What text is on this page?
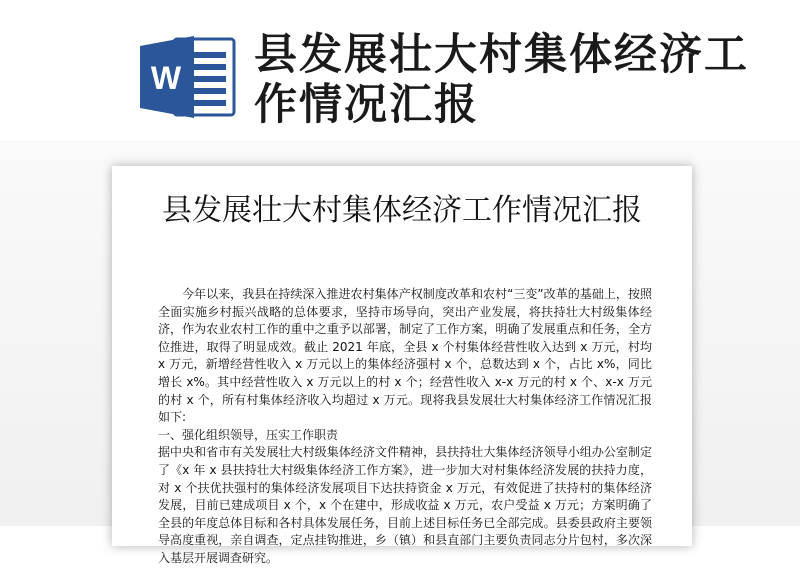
W 县发展壮大村集体经济工作情况汇报
县发展壮大村集体经济工作情况汇报

今年以来，我县在持续深入推进农村集体产权制度改革和农村“三变”改革的基础上，按照全面实施乡村振兴战略的总体要求，坚持市场导向，突出产业发展，将扶持壮大村级集体经济，作为农业农村工作的重中之重予以部署，制定了工作方案，明确了发展重点和任务，全方位推进，取得了明显成效。截止 2021 年底，全县 x 个村集体经营性收入达到 x 万元，村均 x 万元，新增经营性收入 x 万元以上的集体经济强村 x 个，总数达到 x 个，占比 x%，同比增长 x%。其中经营性收入 x 万元以上的村 x 个；经营性收入 x-x 万元的村 x 个、x-x 万元的村 x 个，所有村集体经济收入均超过 x 万元。现将我县发展壮大村集体经济工作情况汇报如下:

一、强化组织领导，压实工作职责

据中央和省市有关发展壮大村级集体经济文件精神，县扶持壮大集体经济领导小组办公室制定了《x 年 x 县扶持壮大村级集体经济工作方案》，进一步加大对村集体经济发展的扶持力度，对 x 个扶优扶强村的集体经济发展项目下达扶持资金 x 万元，有效促进了扶持村的集体经济发展，目前已建成项目 x 个，x 个在建中，形成收益 x 万元，农户受益 x 万元；方案明确了全县的年度总体目标和各村具体发展任务，目前上述目标任务已全部完成。县委县政府主要领导高度重视，亲自调查，定点挂钩推进，乡（镇）和县直部门主要负责同志分片包村，多次深入基层开展调查研究。
